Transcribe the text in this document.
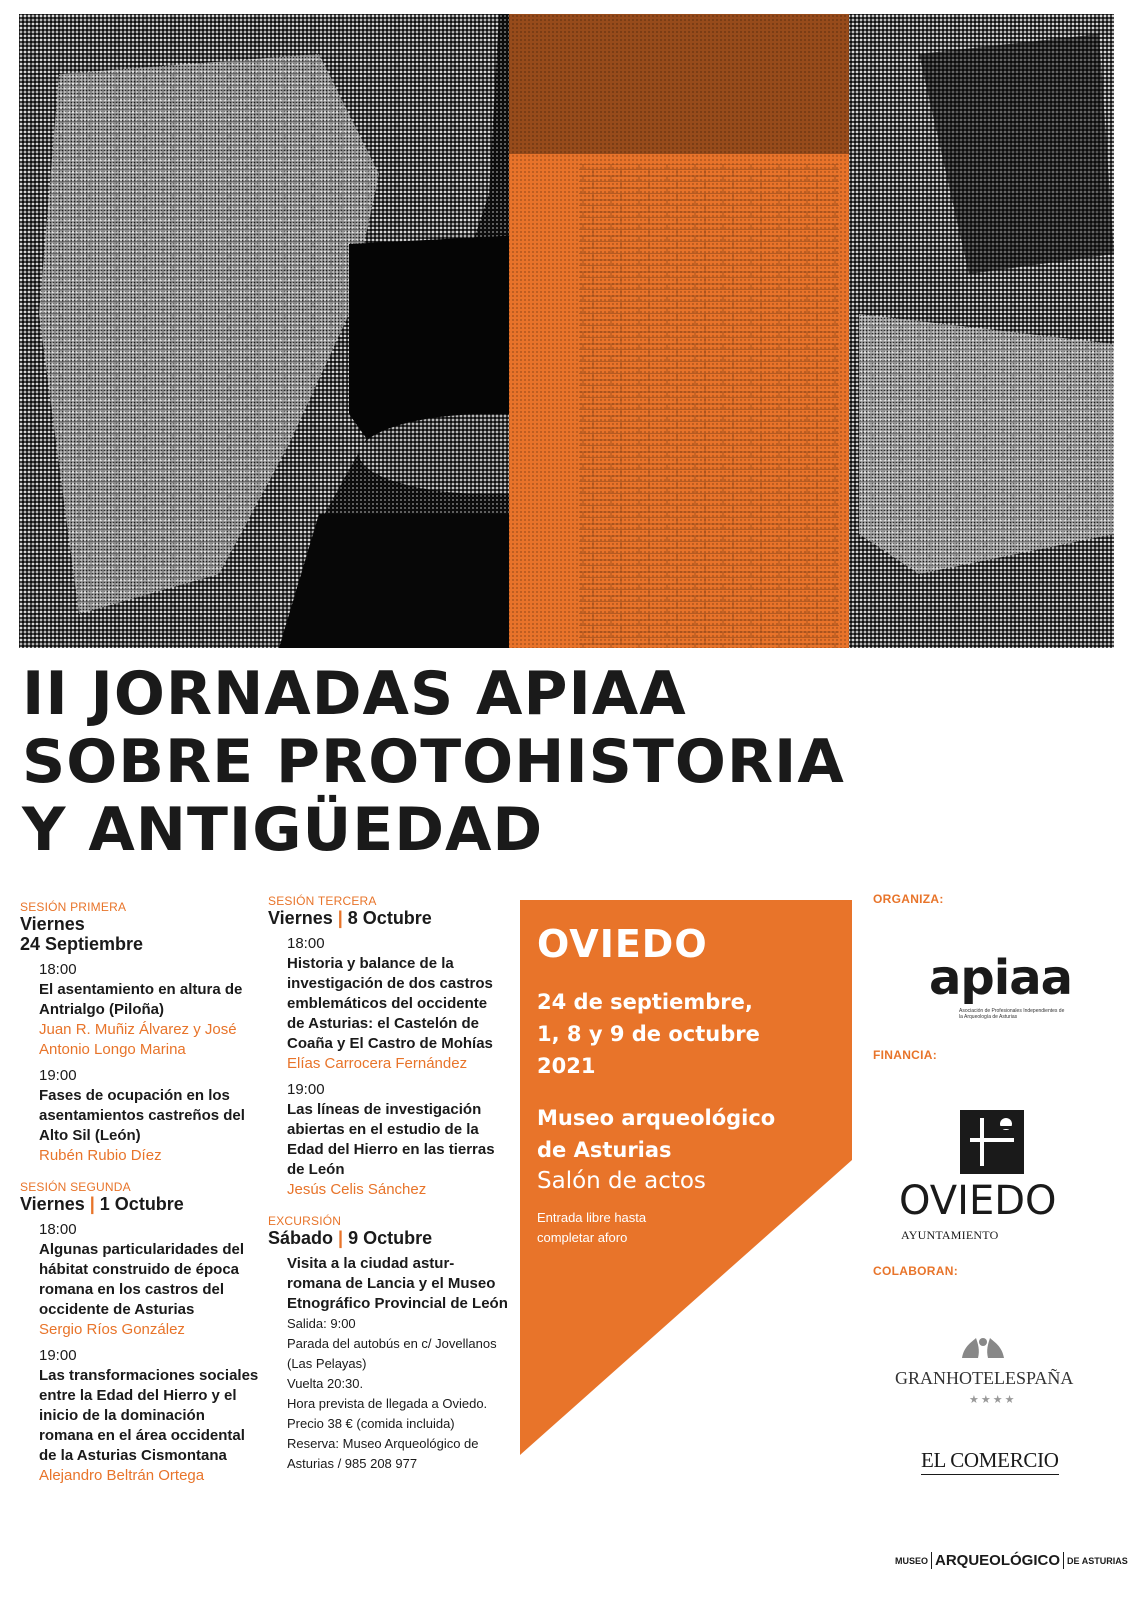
II JORNADAS APIAA
SOBRE PROTOHISTORIA
Y ANTIGÜEDAD
SESIÓN PRIMERA
Viernes
24 Septiembre
18:00
El asentamiento en altura de Antrialgo (Piloña)
Juan R. Muñiz Álvarez y José Antonio Longo Marina
19:00
Fases de ocupación en los asentamientos castreños del Alto Sil (León)
Rubén Rubio Díez
SESIÓN SEGUNDA
Viernes | 1 Octubre
18:00
Algunas particularidades del hábitat construido de época romana en los castros del occidente de Asturias
Sergio Ríos González
19:00
Las transformaciones sociales entre la Edad del Hierro y el inicio de la dominación romana en el área occidental de la Asturias Cismontana
Alejandro Beltrán Ortega
SESIÓN TERCERA
Viernes | 8 Octubre
18:00
Historia y balance de la investigación de dos castros emblemáticos del occidente de Asturias: el Castelón de Coaña y El Castro de Mohías
Elías Carrocera Fernández
19:00
Las líneas de investigación abiertas en el estudio de la Edad del Hierro en las tierras de León
Jesús Celis Sánchez
EXCURSIÓN
Sábado | 9 Octubre
Visita a la ciudad astur-romana de Lancia y el Museo Etnográfico Provincial de León
Salida: 9:00
Parada del autobús en c/ Jovellanos (Las Pelayas)
Vuelta 20:30.
Hora prevista de llegada a Oviedo.
Precio 38 € (comida incluida)
Reserva: Museo Arqueológico de Asturias / 985 208 977
OVIEDO
24 de septiembre,
1, 8 y 9 de octubre
2021
Museo arqueológico
de Asturias
Salón de actos
Entrada libre hasta
completar aforo
ORGANIZA:
apiaa
Asociación de Profesionales Independientes de la Arqueología de Asturias
FINANCIA:
OVIEDO
AYUNTAMIENTO
COLABORAN:
GRANHOTELESPAÑA
★★★★
EL COMERCIO
MUSEO ARQUEOLÓGICO DE ASTURIAS
